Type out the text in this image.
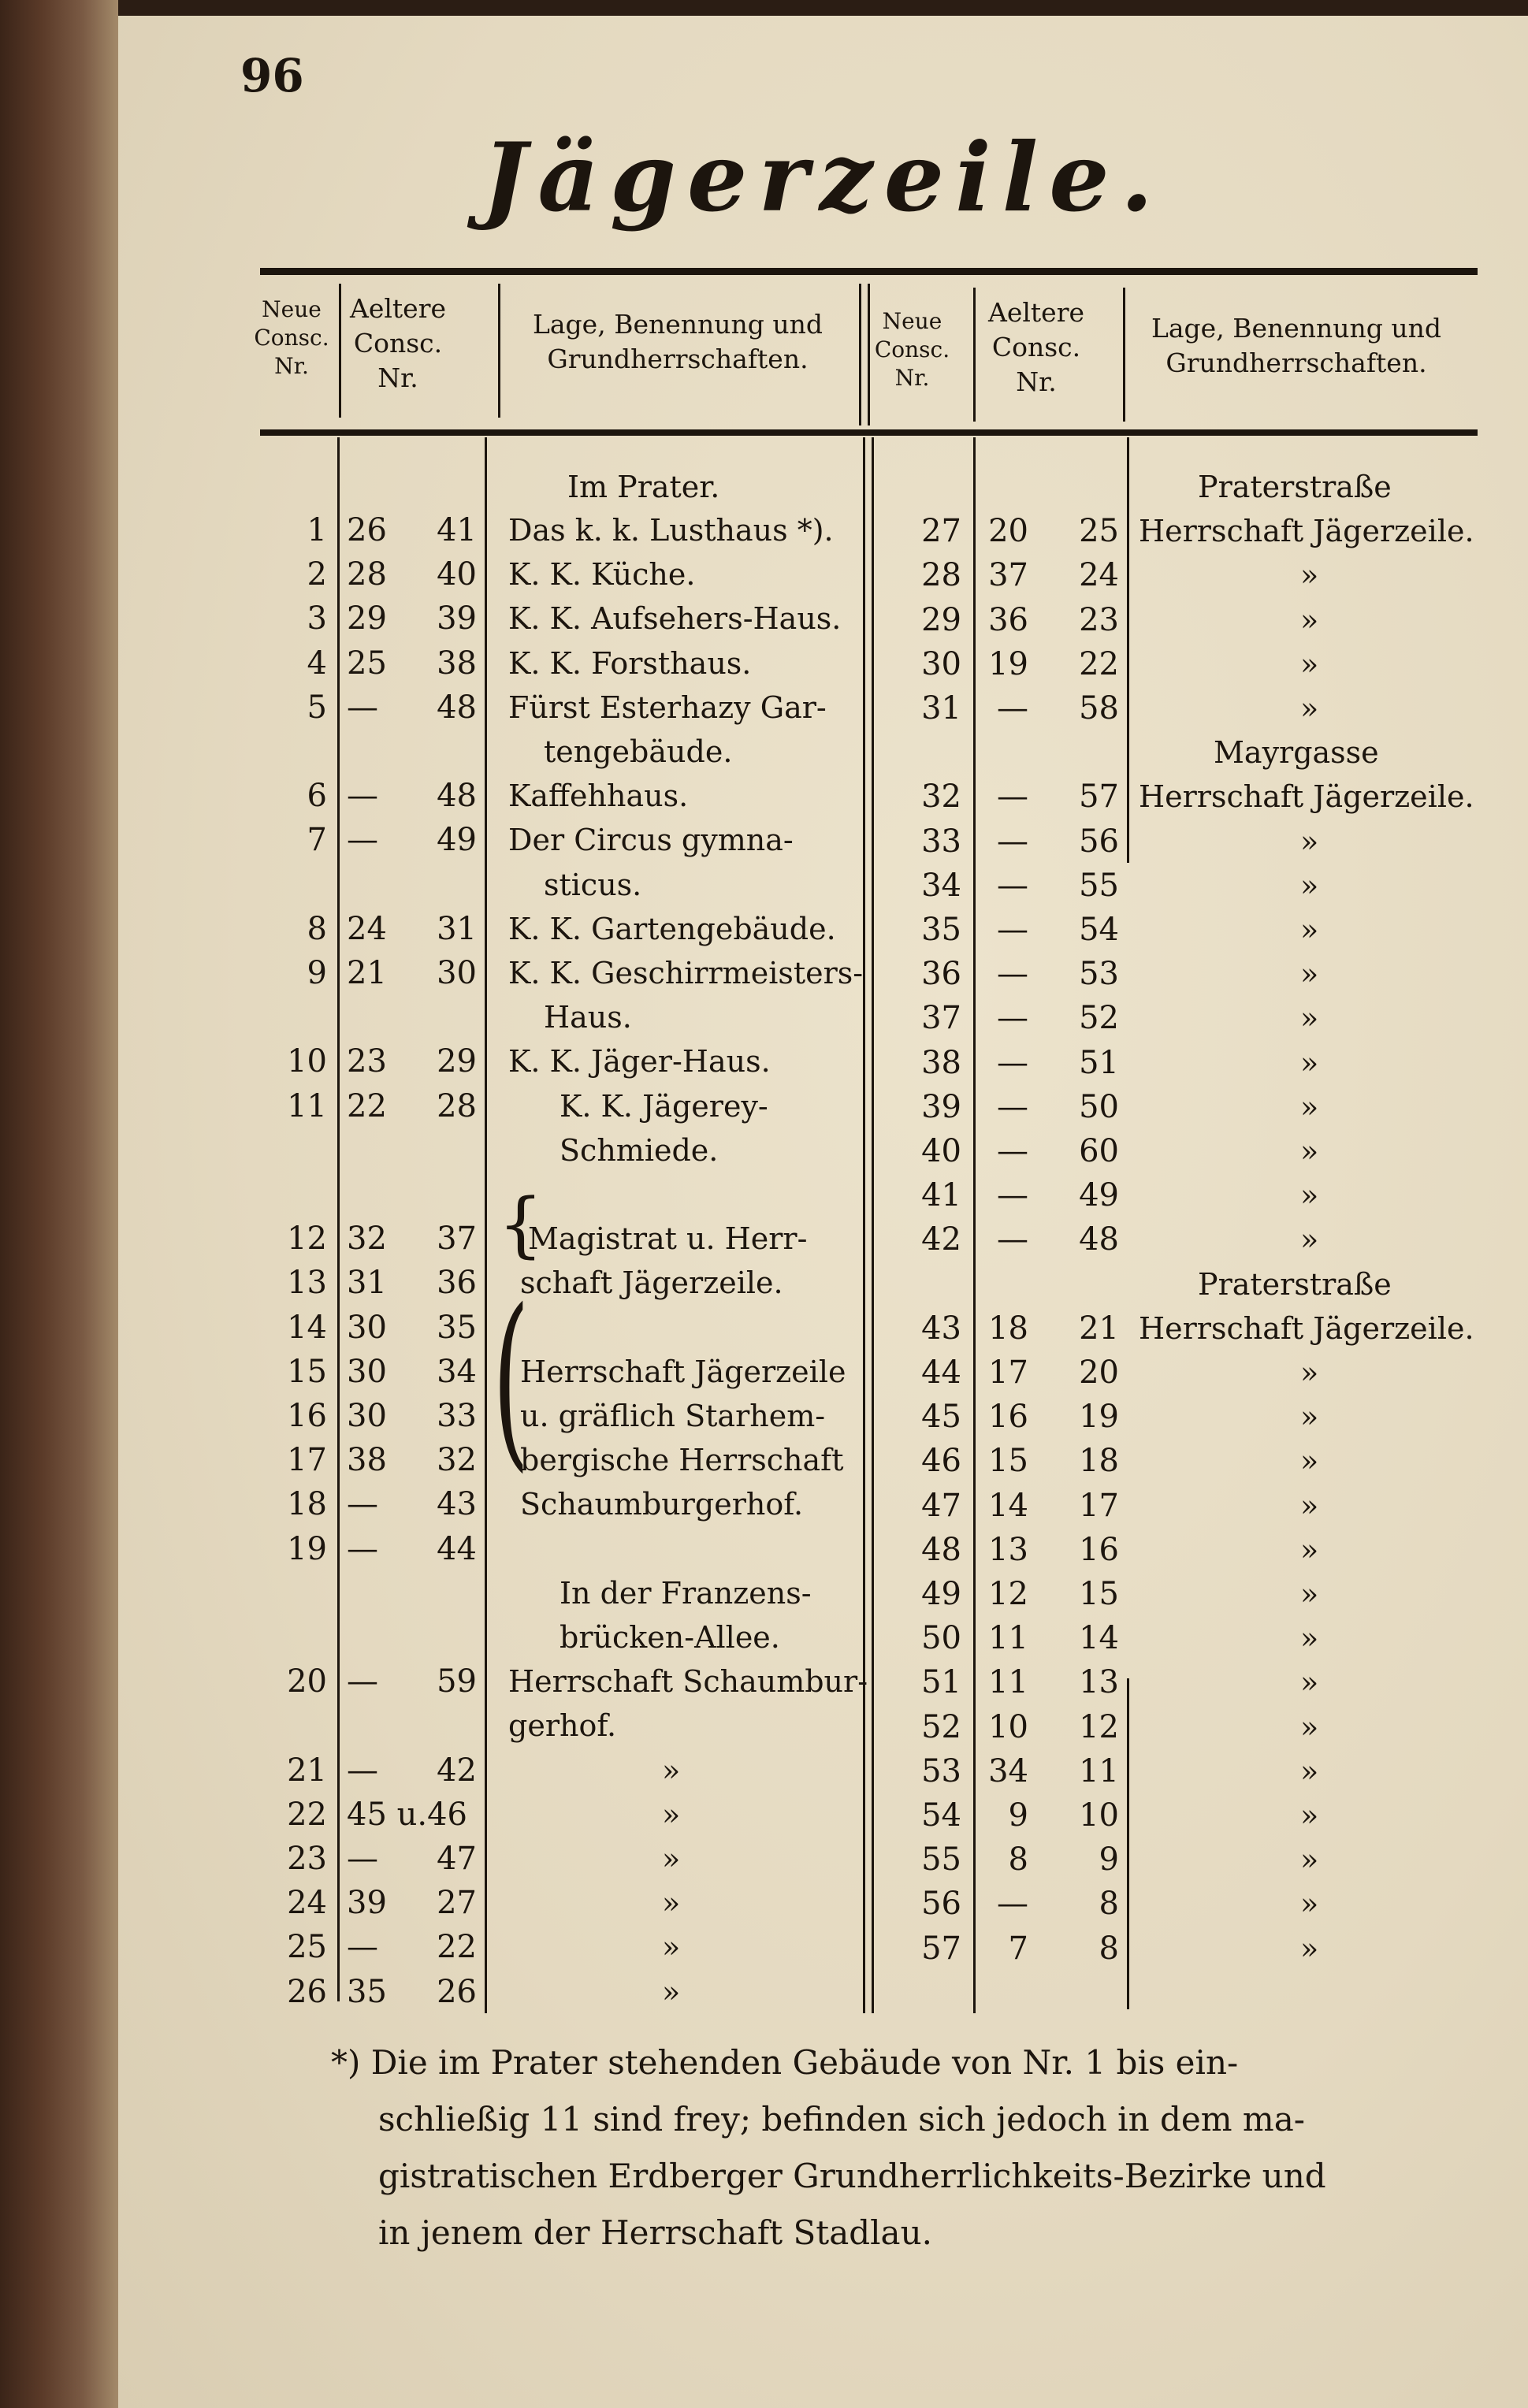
96
Jägerzeile.
Neue Consc. Nr.
Aeltere Consc. Nr.
Lage, Benennung und Grundherrschaften.
Neue Consc. Nr.
Aeltere Consc. Nr.
Lage, Benennung und Grundherrschaften.
Im Prater.
{
(
*) Die im Prater stehenden Gebäude von Nr. 1 bis ein-
schließig 11 sind frey; befinden sich jedoch in dem ma-
gistratischen Erdberger Grundherrlichkeits-Bezirke und
in jenem der Herrschaft Stadlau.
1 26	41 Das k. k. Lusthaus *).
2 28	40 K. K. Küche.
3 29	39 K. K. Aufsehers-Haus.
4 25	38 K. K. Forsthaus.
5 —	48 Fürst Esterhazy Gar-
tengebäude.
6 —	48 Kaffehhaus.
7 —	49 Der Circus gymna-
sticus.
8 24	31 K. K. Gartengebäude.
9 21	30 K. K. Geschirrmeisters-
Haus.
10 23	29 K. K. Jäger-Haus.
11 22	28	K. K. Jägerey-
Schmiede.
12 32	37 Magistrat u. Herr-
13 31	36 schaft Jägerzeile.
14 30	35
15 30	34 Herrschaft Jägerzeile
16 30	33 u. gräflich Starhem-
17 38	32 bergische Herrschaft
18 —	43 Schaumburgerhof.
19 —	44
In der Franzens-
brücken-Allee.
20 —	59 Herrschaft Schaumbur-
gerhof.
21 —	42	»
22 45 u.46	»
23 —	47	»
24 39	27	»
25 —	22	»
26 35	26	»
Praterstraße
27 20	25 Herrschaft Jägerzeile.
28 37	24	»
29 36	23	»
30 19	22	»
31	—	58	»
Mayrgasse
32	—	57 Herrschaft Jägerzeile.
33	—	56	»
34	—	55	»
35	—	54	»
36	—	53	»
37	—	52	»
38	—	51	»
39	—	50	»
40	—	60	»
41	—	49	»
42	—	48	»
Praterstraße
43 18	21 Herrschaft Jägerzeile.
44 17	20	»
45 16	19	»
46 15	18	»
47 14	17	»
48 13	16	»
49 12	15	»
50 11	14	»
51 11	13	»
52 10	12	»
53 34	11	»
54	9	10	»
55	8	9	»
56	—	8	»
57	7	8	»
